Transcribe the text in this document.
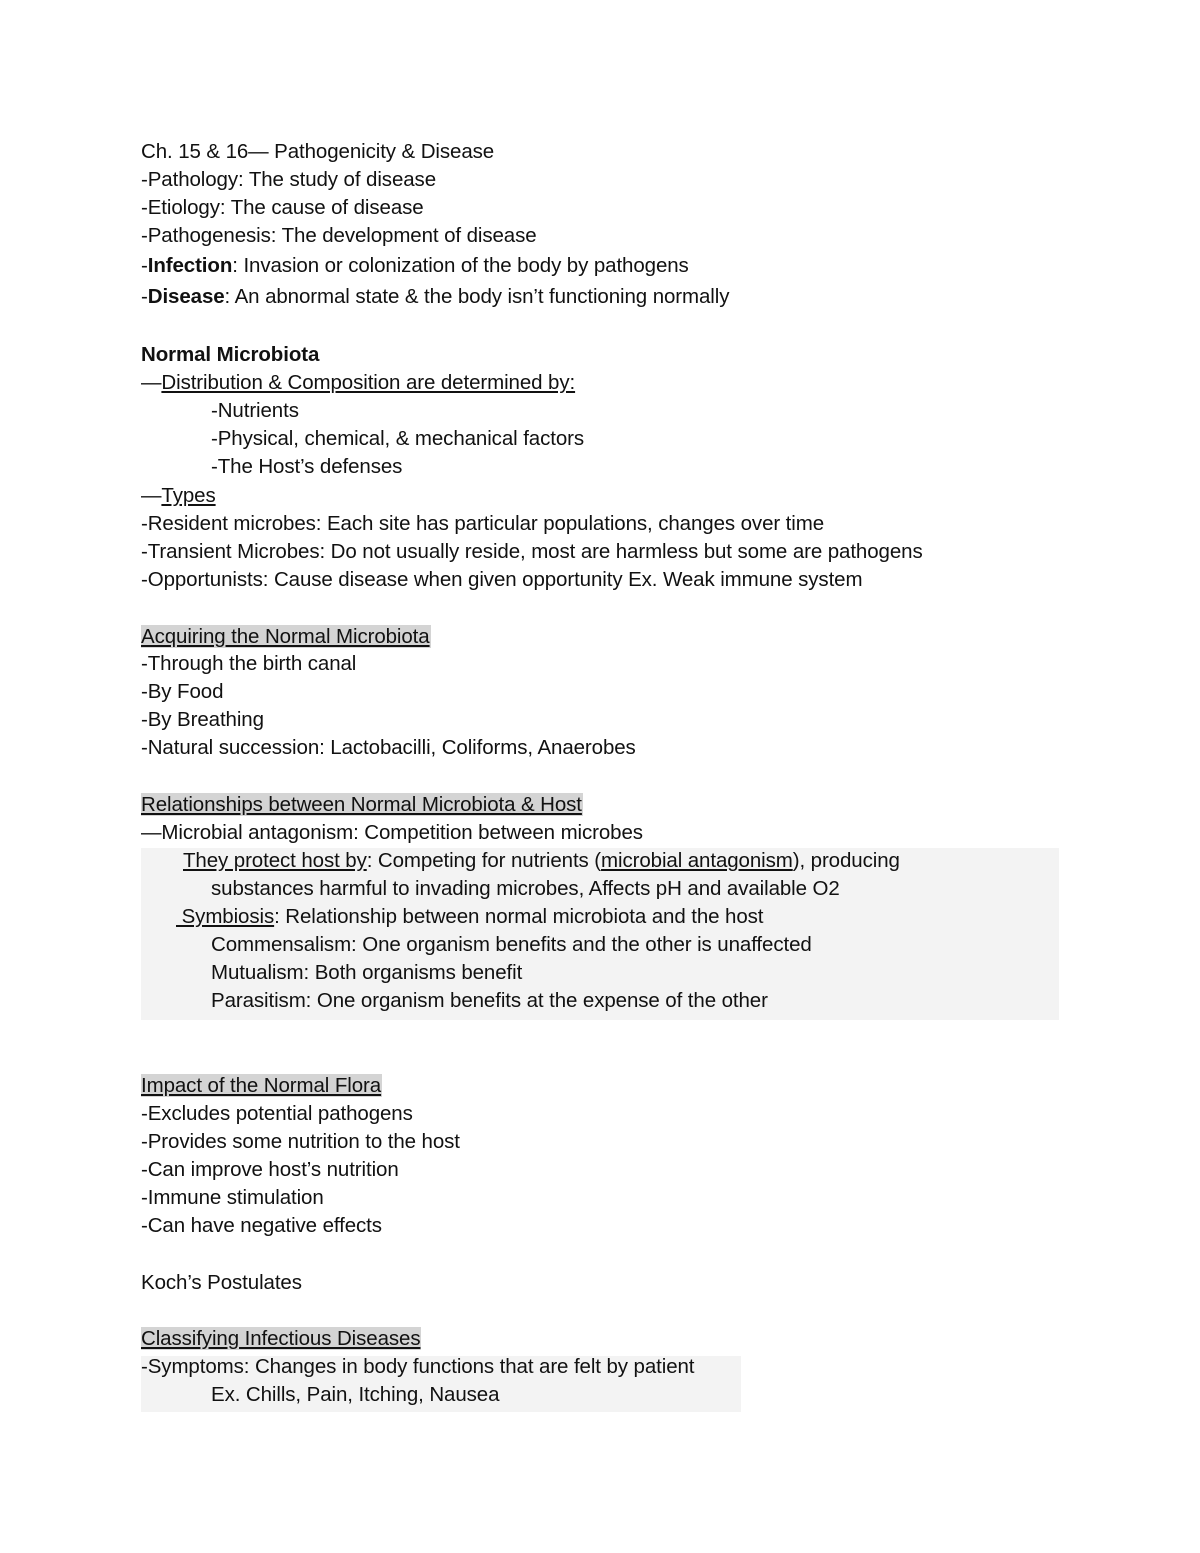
Ch. 15 & 16— Pathogenicity & Disease
-Pathology: The study of disease
-Etiology: The cause of disease
-Pathogenesis: The development of disease
-Infection: Invasion or colonization of the body by pathogens
-Disease: An abnormal state & the body isn’t functioning normally
Normal Microbiota
—Distribution & Composition are determined by:
-Nutrients
-Physical, chemical, & mechanical factors
-The Host’s defenses
—Types
-Resident microbes: Each site has particular populations, changes over time
-Transient Microbes: Do not usually reside, most are harmless but some are pathogens
-Opportunists: Cause disease when given opportunity Ex. Weak immune system
Acquiring the Normal Microbiota
-Through the birth canal
-By Food
-By Breathing
-Natural succession: Lactobacilli, Coliforms, Anaerobes
Relationships between Normal Microbiota & Host
—Microbial antagonism: Competition between microbes
They protect host by: Competing for nutrients (microbial antagonism), producing
substances harmful to invading microbes, Affects pH and available O2
Symbiosis: Relationship between normal microbiota and the host
Commensalism: One organism benefits and the other is unaffected
Mutualism: Both organisms benefit
Parasitism: One organism benefits at the expense of the other
Impact of the Normal Flora
-Excludes potential pathogens
-Provides some nutrition to the host
-Can improve host’s nutrition
-Immune stimulation
-Can have negative effects
Koch’s Postulates
Classifying Infectious Diseases
-Symptoms: Changes in body functions that are felt by patient
Ex. Chills, Pain, Itching, Nausea
